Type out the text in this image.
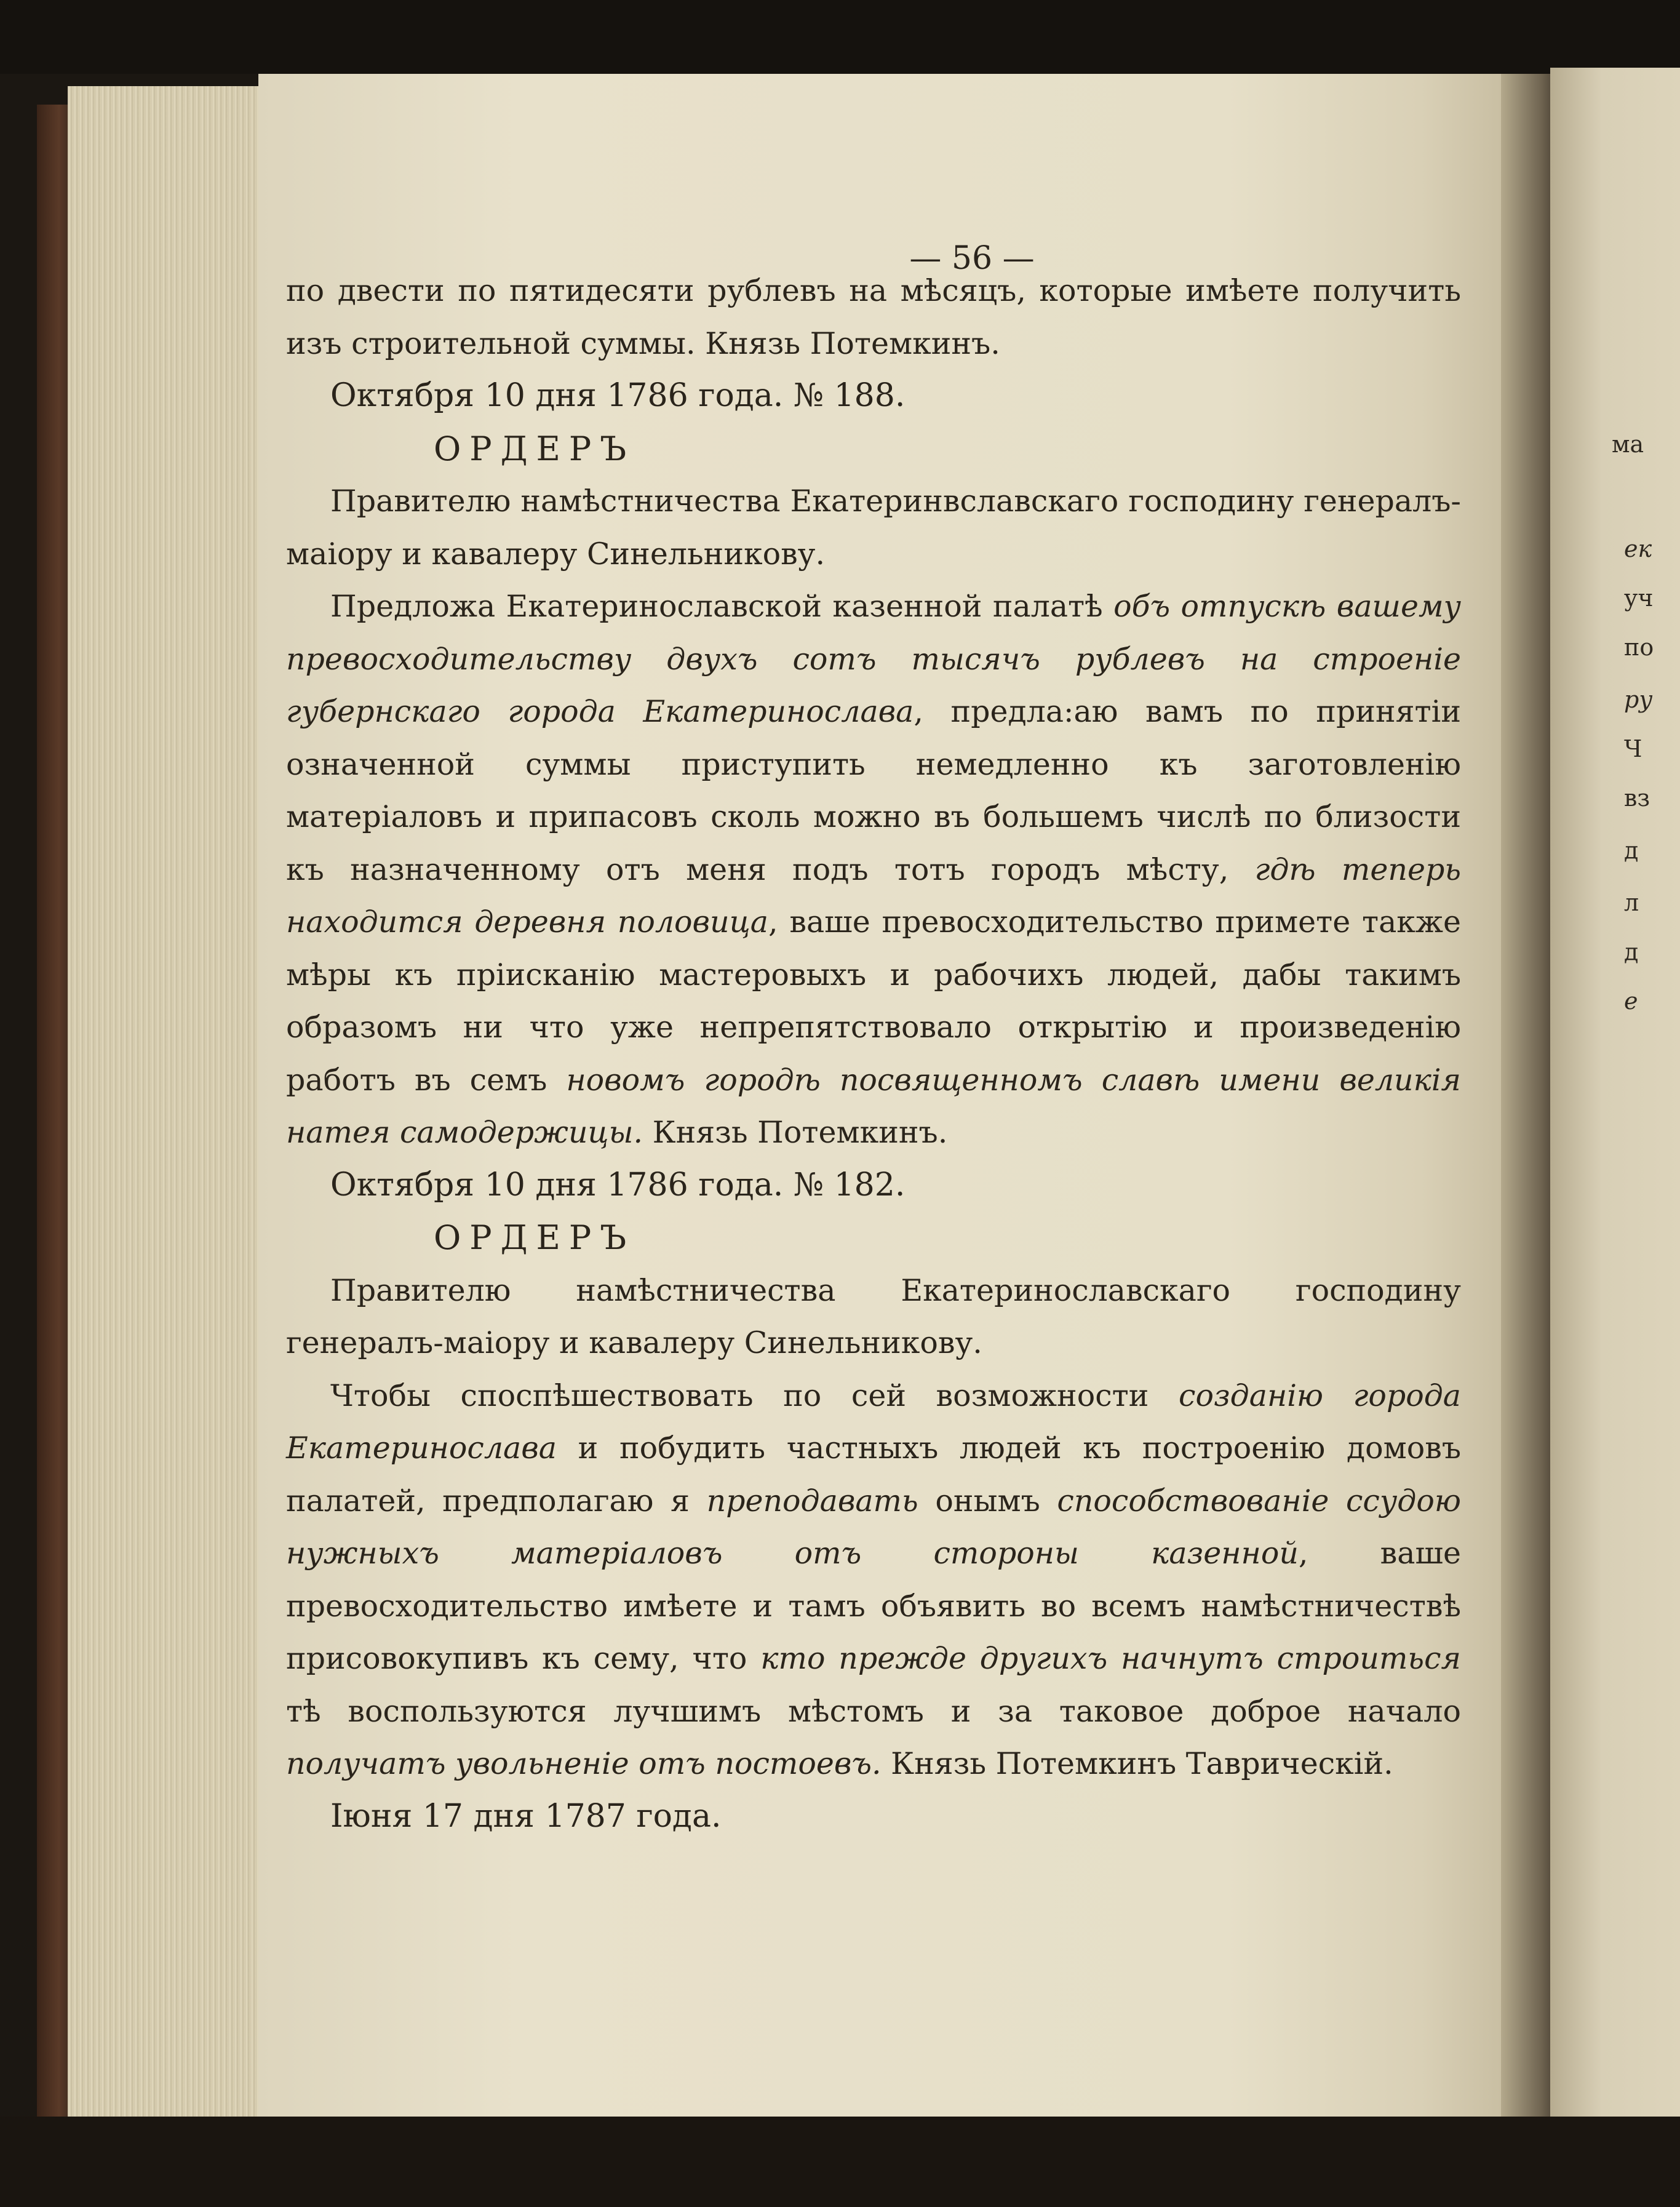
— 56 —

по двести по пятидесяти рублевъ на мѣсяцъ, которые имѣете получить изъ строительной суммы. Князь Потемкинъ.

Октября 10 дня 1786 года. № 188.

ОРДЕРЪ

Правителю намѣстничества Екатеринвславскаго господину генералъ-маіору и кавалеру Синельникову.

Предложа Екатеринославской казенной палатѣ объ отпускѣ вашему превосходительству двухъ сотъ тысячъ рублевъ на строеніе губернскаго города Екатеринослава, предла:аю вамъ по принятіи означенной суммы приступить немедленно къ заготовленію матеріаловъ и припасовъ сколь можно въ большемъ числѣ по близости къ назначенному отъ меня подъ тотъ городъ мѣсту, гдѣ теперь находится деревня половица, ваше превосходительство примете также мѣры къ пріисканію мастеровыхъ и рабочихъ людей, дабы такимъ образомъ ни что уже непрепятствовало открытію и произведенію работъ въ семъ новомъ городѣ посвященномъ славѣ имени великія натея самодержицы. Князь Потемкинъ.

Октября 10 дня 1786 года. № 182.

ОРДЕРЪ

Правителю намѣстничества Екатеринославскаго господину генералъ-маіору и кавалеру Синельникову.

Чтобы споспѣшествовать по сей возможности созданію города Екатеринослава и побудить частныхъ людей къ построенію домовъ палатей, предполагаю я преподавать онымъ способствованіе ссудою нужныхъ матеріаловъ отъ стороны казенной, ваше превосходительство имѣете и тамъ объявить во всемъ намѣстничествѣ присовокупивъ къ сему, что кто прежде другихъ начнутъ строиться тѣ воспользуются лучшимъ мѣстомъ и за таковое доброе начало получатъ увольненіе отъ постоевъ. Князь Потемкинъ Таврическій.

Іюня 17 дня 1787 года.

ма
ек
уч
по
ру
Ч
вз
д
л
д
е
